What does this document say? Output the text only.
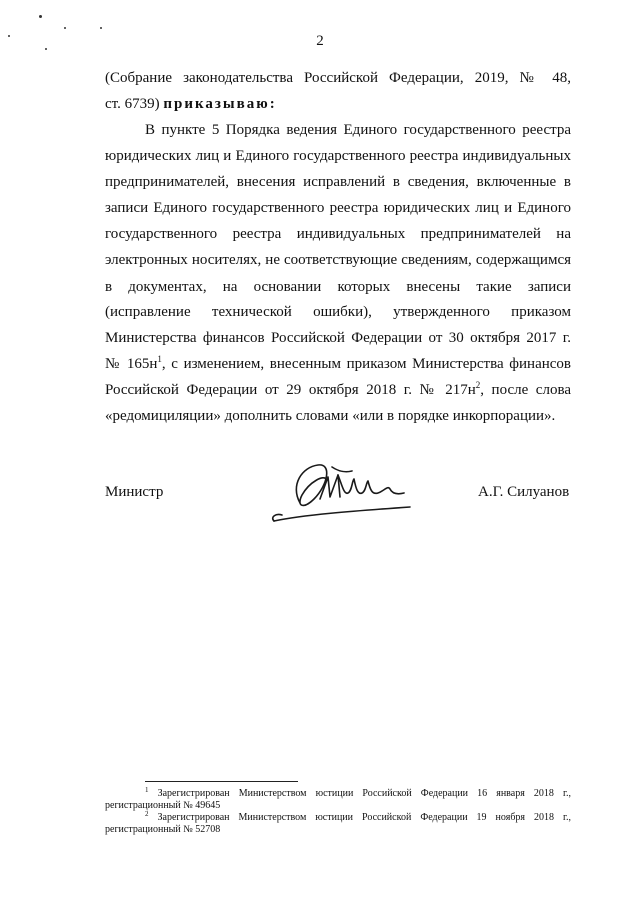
2
(Собрание законодательства Российской Федерации, 2019, № 48,
ст. 6739) приказываю:
В пункте 5 Порядка ведения Единого государственного реестра
юридических лиц и Единого государственного реестра индивидуальных
предпринимателей, внесения исправлений в сведения, включенные в
записи Единого государственного реестра юридических лиц и Единого
государственного реестра индивидуальных предпринимателей на
электронных носителях, не соответствующие сведениям, содержащимся
в документах, на основании которых внесены такие записи
(исправление технической ошибки), утвержденного приказом
Министерства финансов Российской Федерации от 30 октября 2017 г.
№ $165н^1$, с изменением, внесенным приказом Министерства финансов
Российской Федерации от 29 октября 2018 г. № $217н^2$, после слова
«редомициляции» дополнить словами «или в порядке инкорпорации».
Министр	А.Г. Силуанов
$^1$ Зарегистрирован Министерством юстиции Российской Федерации 16 января 2018 г.,
регистрационный № 49645
$^2$ Зарегистрирован Министерством юстиции Российской Федерации 19 ноября 2018 г.,
регистрационный № 52708
